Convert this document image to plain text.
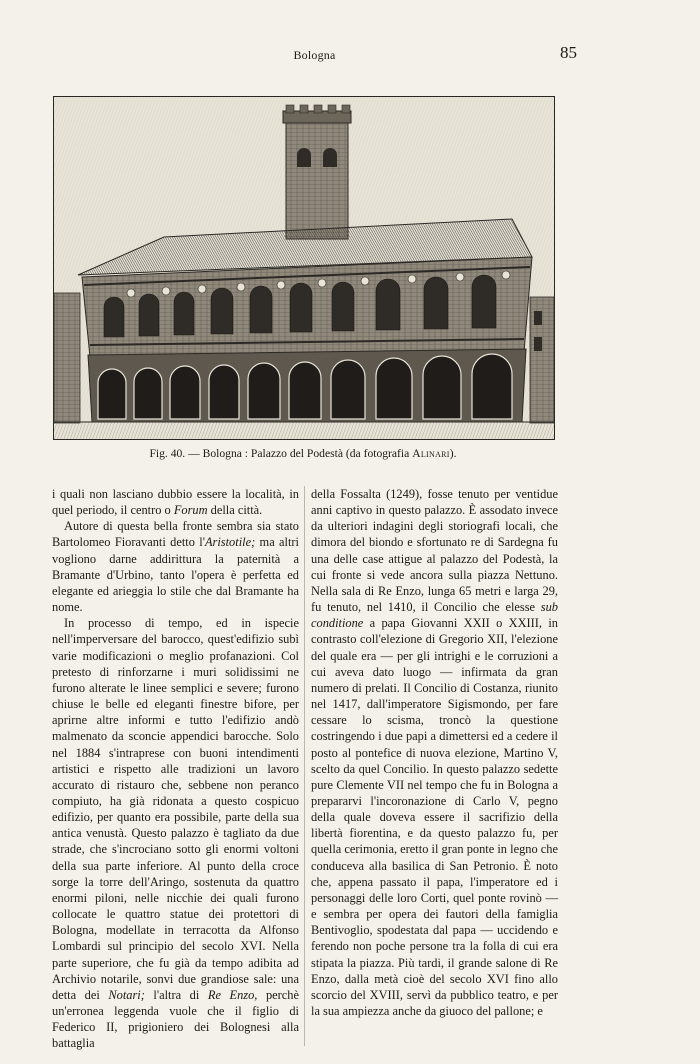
Bologna	85
Fig. 40. — Bologna : Palazzo del Podestà (da fotografia Alinari).

i quali non lasciano dubbio essere la località, in quel periodo, il centro o Forum della città.

Autore di questa bella fronte sembra sia stato Bartolomeo Fioravanti detto l'Aristotile; ma altri vogliono darne addirittura la paternità a Bramante d'Urbino, tanto l'opera è perfetta ed elegante ed arieggia lo stile che dal Bramante ha nome.

In processo di tempo, ed in ispecie nell'imperversare del barocco, quest'edifizio subì varie modificazioni o meglio profanazioni. Col pretesto di rinforzarne i muri solidissimi ne furono alterate le linee semplici e severe; furono chiuse le belle ed eleganti finestre bifore, per aprirne altre informi e tutto l'edifizio andò malmenato da sconcie appendici barocche. Solo nel 1884 s'intraprese con buoni intendimenti artistici e rispetto alle tradizioni un lavoro accurato di ristauro che, sebbene non peranco compiuto, ha già ridonata a questo cospicuo edifizio, per quanto era possibile, parte della sua antica venustà. Questo palazzo è tagliato da due strade, che s'incrociano sotto gli enormi voltoni della sua parte inferiore. Al punto della croce sorge la torre dell'Aringo, sostenuta da quattro enormi piloni, nelle nicchie dei quali furono collocate le quattro statue dei protettori di Bologna, modellate in terracotta da Alfonso Lombardi sul principio del secolo XVI. Nella parte superiore, che fu già da tempo adibita ad Archivio notarile, sonvi due grandiose sale: una detta dei Notari; l'altra di Re Enzo, perchè un'erronea leggenda vuole che il figlio di Federico II, prigioniero dei Bolognesi alla battaglia

della Fossalta (1249), fosse tenuto per ventidue anni captivo in questo palazzo. È assodato invece da ulteriori indagini degli storiografi locali, che dimora del biondo e sfortunato re di Sardegna fu una delle case attigue al palazzo del Podestà, la cui fronte si vede ancora sulla piazza Nettuno. Nella sala di Re Enzo, lunga 65 metri e larga 29, fu tenuto, nel 1410, il Concilio che elesse sub conditione a papa Giovanni XXII o XXIII, in contrasto coll'elezione di Gregorio XII, l'elezione del quale era — per gli intrighi e le corruzioni a cui aveva dato luogo — infirmata da gran numero di prelati. Il Concilio di Costanza, riunito nel 1417, dall'imperatore Sigismondo, per fare cessare lo scisma, troncò la questione costringendo i due papi a dimettersi ed a cedere il posto al pontefice di nuova elezione, Martino V, scelto da quel Concilio. In questo palazzo sedette pure Clemente VII nel tempo che fu in Bologna a prepararvi l'incoronazione di Carlo V, pegno della quale doveva essere il sacrifizio della libertà fiorentina, e da questo palazzo fu, per quella cerimonia, eretto il gran ponte in legno che conduceva alla basilica di San Petronio. È noto che, appena passato il papa, l'imperatore ed i personaggi delle loro Corti, quel ponte rovinò — e sembra per opera dei fautori della famiglia Bentivoglio, spodestata dal papa — uccidendo e ferendo non poche persone tra la folla di cui era stipata la piazza. Più tardi, il grande salone di Re Enzo, dalla metà cioè del secolo XVI fino allo scorcio del XVIII, servì da pubblico teatro, e per la sua ampiezza anche da giuoco del pallone; e
